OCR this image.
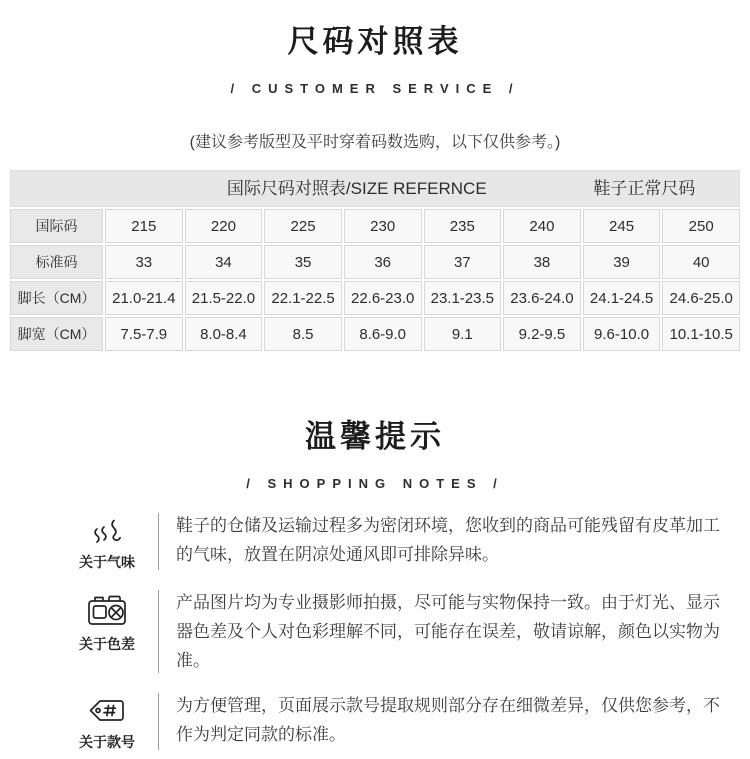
尺码对照表
/ CUSTOMER SERVICE /
(建议参考版型及平时穿着码数选购，以下仅供参考。)
国际尺码对照表/SIZE REFERNCE	鞋子正常尺码
国际码	215	220	225	230	235	240	245	250
标准码	33	34	35	36	37	38	39	40
脚长（CM）	21.0-21.4	21.5-22.0	22.1-22.5	22.6-23.0	23.1-23.5	23.6-24.0	24.1-24.5	24.6-25.0
脚宽（CM）	7.5-7.9	8.0-8.4	8.5	8.6-9.0	9.1	9.2-9.5	9.6-10.0	10.1-10.5
温馨提示
/ SHOPPING NOTES /
关于气味
鞋子的仓储及运输过程多为密闭环境，您收到的商品可能残留有皮革加工的气味，放置在阴凉处通风即可排除异味。
关于色差
产品图片均为专业摄影师拍摄，尽可能与实物保持一致。由于灯光、显示器色差及个人对色彩理解不同，可能存在误差，敬请谅解，颜色以实物为准。
关于款号
为方便管理，页面展示款号提取规则部分存在细微差异，仅供您参考，不作为判定同款的标准。
